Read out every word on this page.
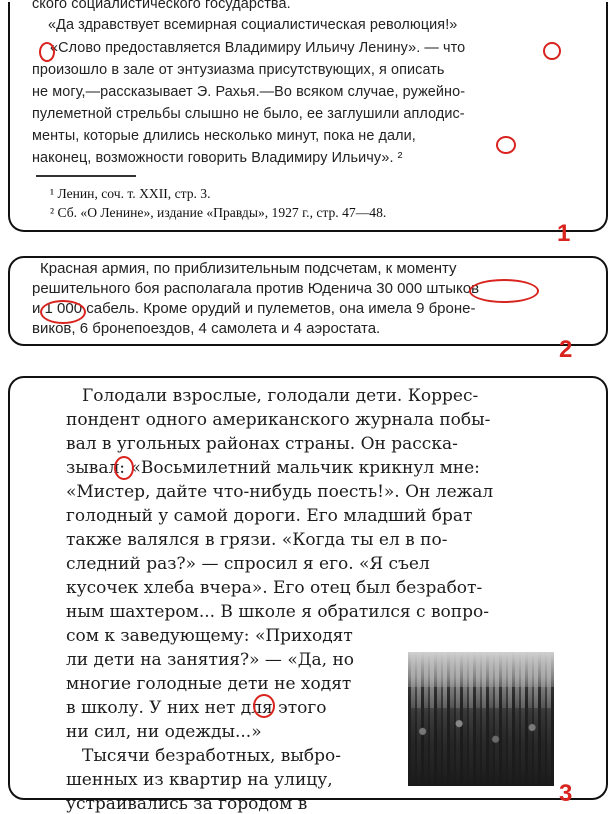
ского социалистического государства.
«Да здравствует всемирная социалистическая революция!»
«Слово предоставляется Владимиру Ильичу Ленину». — что
произошло в зале от энтузиазма присутствующих, я описать
не могу,—рассказывает Э. Рахья.—Во всяком случае, ружейно-
пулеметной стрельбы слышно не было, ее заглушили аплодис-
менты, которые длились несколько минут, пока не дали,
наконец, возможности говорить Владимиру Ильичу». ²
¹ Ленин, соч. т. XXII, стр. 3.
² Сб. «О Ленине», издание «Правды», 1927 г., стр. 47—48.
1
Красная армия, по приблизительным подсчетам, к моменту
решительного боя располагала против Юденича 30 000 штыков
и 1 000 сабель. Кроме орудий и пулеметов, она имела 9 броне-
виков, 6 бронепоездов, 4 самолета и 4 аэростата.
2
Голодали взрослые, голодали дети. Коррес-
пондент одного американского журнала побы-
вал в угольных районах страны. Он расска-
зывал: «Восьмилетний мальчик крикнул мне:
«Мистер, дайте что-нибудь поесть!». Он лежал
голодный у самой дороги. Его младший брат
также валялся в грязи. «Когда ты ел в по-
следний раз?» — спросил я его. «Я съел
кусочек хлеба вчера». Его отец был безработ-
ным шахтером... В школе я обратился с вопро-
сом к заведующему: «Приходят
ли дети на занятия?» — «Да, но
многие голодные дети не ходят
в школу. У них нет для этого
ни сил, ни одежды...»
Тысячи безработных, выбро-
шенных из квартир на улицу,
устраивались за городом в	3
